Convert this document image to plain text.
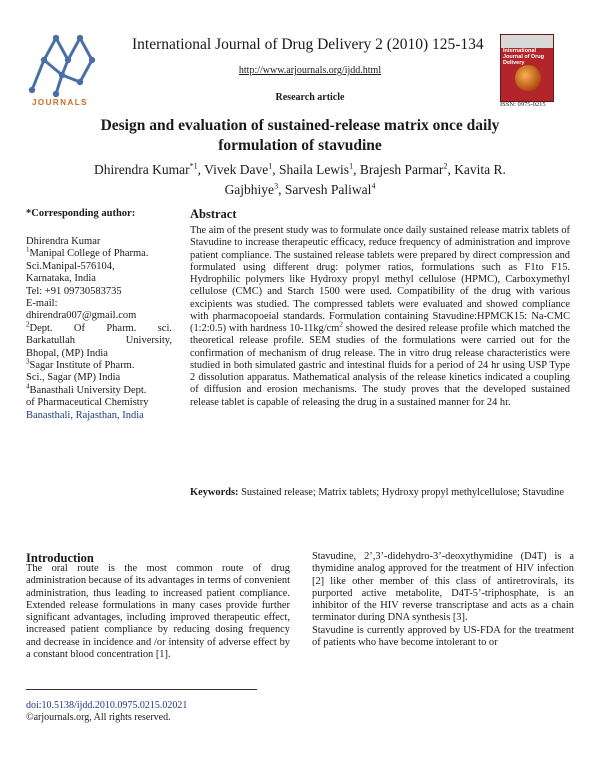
JOURNALS
International Journal of Drug Delivery 2 (2010) 125-134
http://www.arjournals.org/ijdd.html
Research article
International Journal of Drug Delivery
ISSN: 0975-0215
Design and evaluation of sustained-release matrix once daily formulation of stavudine
Dhirendra Kumar$^{*1}$, Vivek Dave$^1$, Shaila Lewis$^1$, Brajesh Parmar$^2$, Kavita R. Gajbhiye$^3$, Sarvesh Paliwal$^4$
*Corresponding author:
Dhirendra Kumar
$^1$Manipal College of Pharma.
Sci.Manipal-576104,
Karnataka, India
Tel: +91 09730583735
E-mail:
dhirendra007@gmail.com
$^2$Dept. Of Pharm. sci.
Barkatullah University,
Bhopal, (MP) India
$^3$Sagar Institute of Pharm.
Sci., Sagar (MP) India
$^4$Banasthali University Dept.
of Pharmaceutical Chemistry
Banasthali, Rajasthan, India
Abstract
The aim of the present study was to formulate once daily sustained release matrix tablets of Stavudine to increase therapeutic efficacy, reduce frequency of administration and improve patient compliance. The sustained release tablets were prepared by direct compression and formulated using different drug: polymer ratios, formulations such as F1to F15. Hydrophilic polymers like Hydroxy propyl methyl cellulose (HPMC), Carboxymethyl cellulose (CMC) and Starch 1500 were used. Compatibility of the drug with various excipients was studied. The compressed tablets were evaluated and showed compliance with pharmacopoeial standards. Formulation containing Stavudine:HPMCK15: Na-CMC (1:2:0.5) with hardness $10-11kg/cm^2$ showed the desired release profile which matched the theoretical release profile. SEM studies of the formulations were carried out for the confirmation of mechanism of drug release. The in vitro drug release characteristics were studied in both simulated gastric and intestinal fluids for a period of 24 hr using USP Type 2 dissolution apparatus. Mathematical analysis of the release kinetics indicated a coupling of diffusion and erosion mechanisms. The study proves that the developed sustained release tablet is capable of releasing the drug in a sustained manner for 24 hr.
Keywords: Sustained release; Matrix tablets; Hydroxy propyl methylcellulose; Stavudine
Introduction
The oral route is the most common route of drug administration because of its advantages in terms of convenient administration, thus leading to increased patient compliance. Extended release formulations in many cases provide further significant advantages, including improved therapeutic effect, increased patient compliance by reducing dosing frequency and decrease in incidence and /or intensity of adverse effect by a constant blood concentration [1].

Stavudine, 2’,3’-didehydro-3’-deoxythymidine (D4T) is a thymidine analog approved for the treatment of HIV infection [2] like other member of this class of antiretrovirals, its purported active metabolite, D4T-5’-triphosphate, is an inhibitor of the HIV reverse transcriptase and acts as a chain terminator during DNA synthesis [3].

Stavudine is currently approved by US-FDA for the treatment of patients who have become intolerant to or

doi:10.5138/ijdd.2010.0975.0215.02021
©arjournals.org, All rights reserved.
